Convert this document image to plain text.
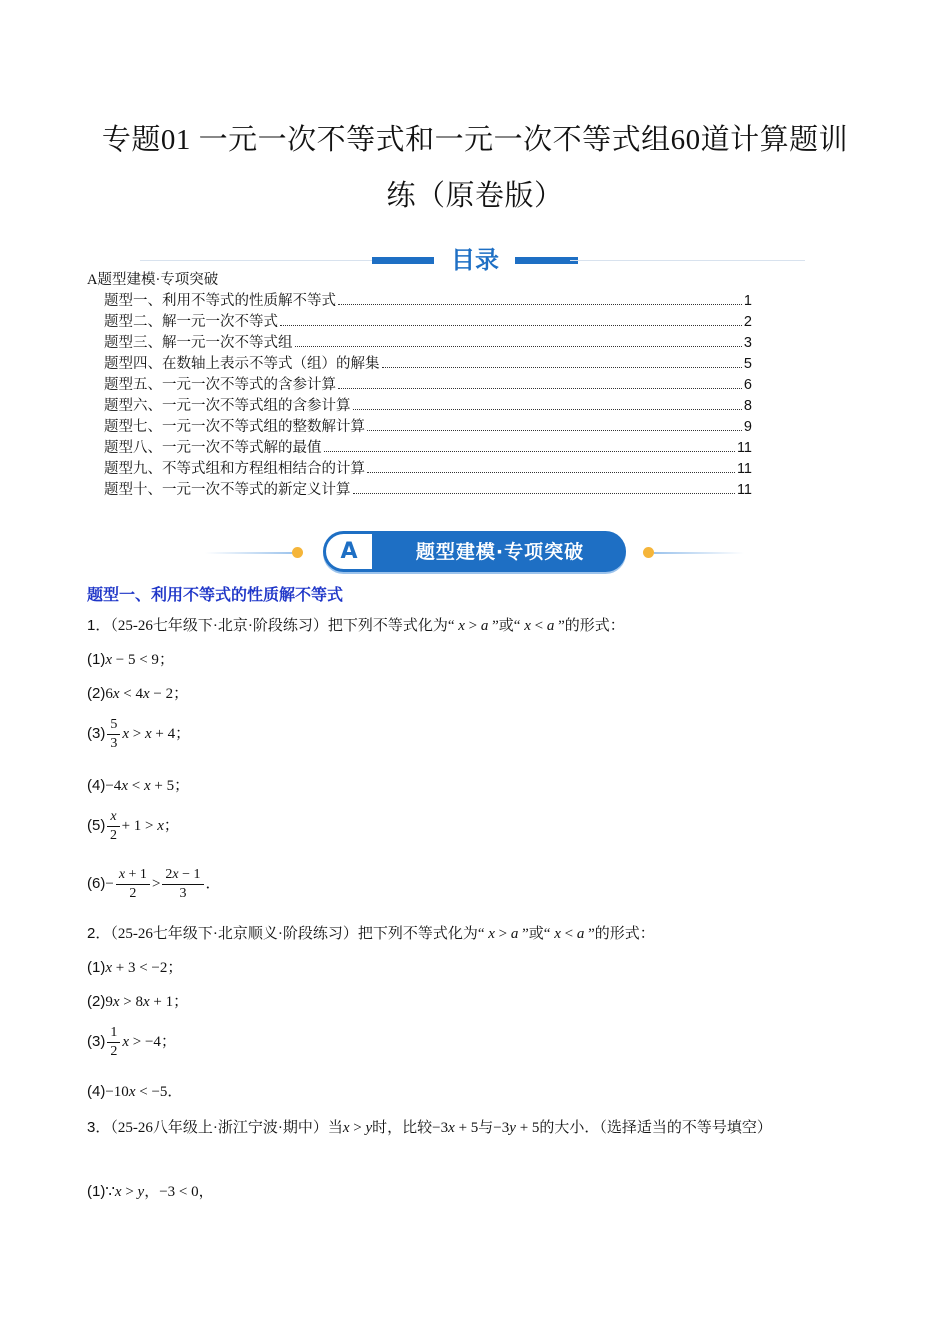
专题01 一元一次不等式和一元一次不等式组60道计算题训
练（原卷版）
目录
A题型建模·专项突破
题型一、利用不等式的性质解不等式	1
题型二、解一元一次不等式	2
题型三、解一元一次不等式组	3
题型四、在数轴上表示不等式（组）的解集	5
题型五、一元一次不等式的含参计算	6
题型六、一元一次不等式组的含参计算	8
题型七、一元一次不等式组的整数解计算	9
题型八、一元一次不等式解的最值	11
题型九、不等式组和方程组相结合的计算	11
题型十、一元一次不等式的新定义计算	11
A	题型建模·专项突破
题型一、利用不等式的性质解不等式
1．（25-26七年级下·北京·阶段练习）把下列不等式化为“ x > a ”或“ x < a ”的形式：
(1)x − 5 < 9；
(2)6x < 4x − 2；
$(3) \frac{5}{3}$ x > x + 4；
(4)−4x < x + 5；
$(5) \frac{x}{2} + 1 > x$；
$(6)- \frac{x + 1}{2} > \frac{2x - 1}{3}$ ．
2．（25-26七年级下·北京顺义·阶段练习）把下列不等式化为“ x > a ”或“ x < a ”的形式：
(1)x + 3 < −2；
(2)9x > 8x + 1；
$(3) \frac{1}{2}$ x > −4；
(4)−10x < −5．
3．（25-26八年级上·浙江宁波·期中）当x > y时，比较−3x + 5与−3y + 5的大小．（选择适当的不等号填空）
(1)∵x > y，−3 < 0，
